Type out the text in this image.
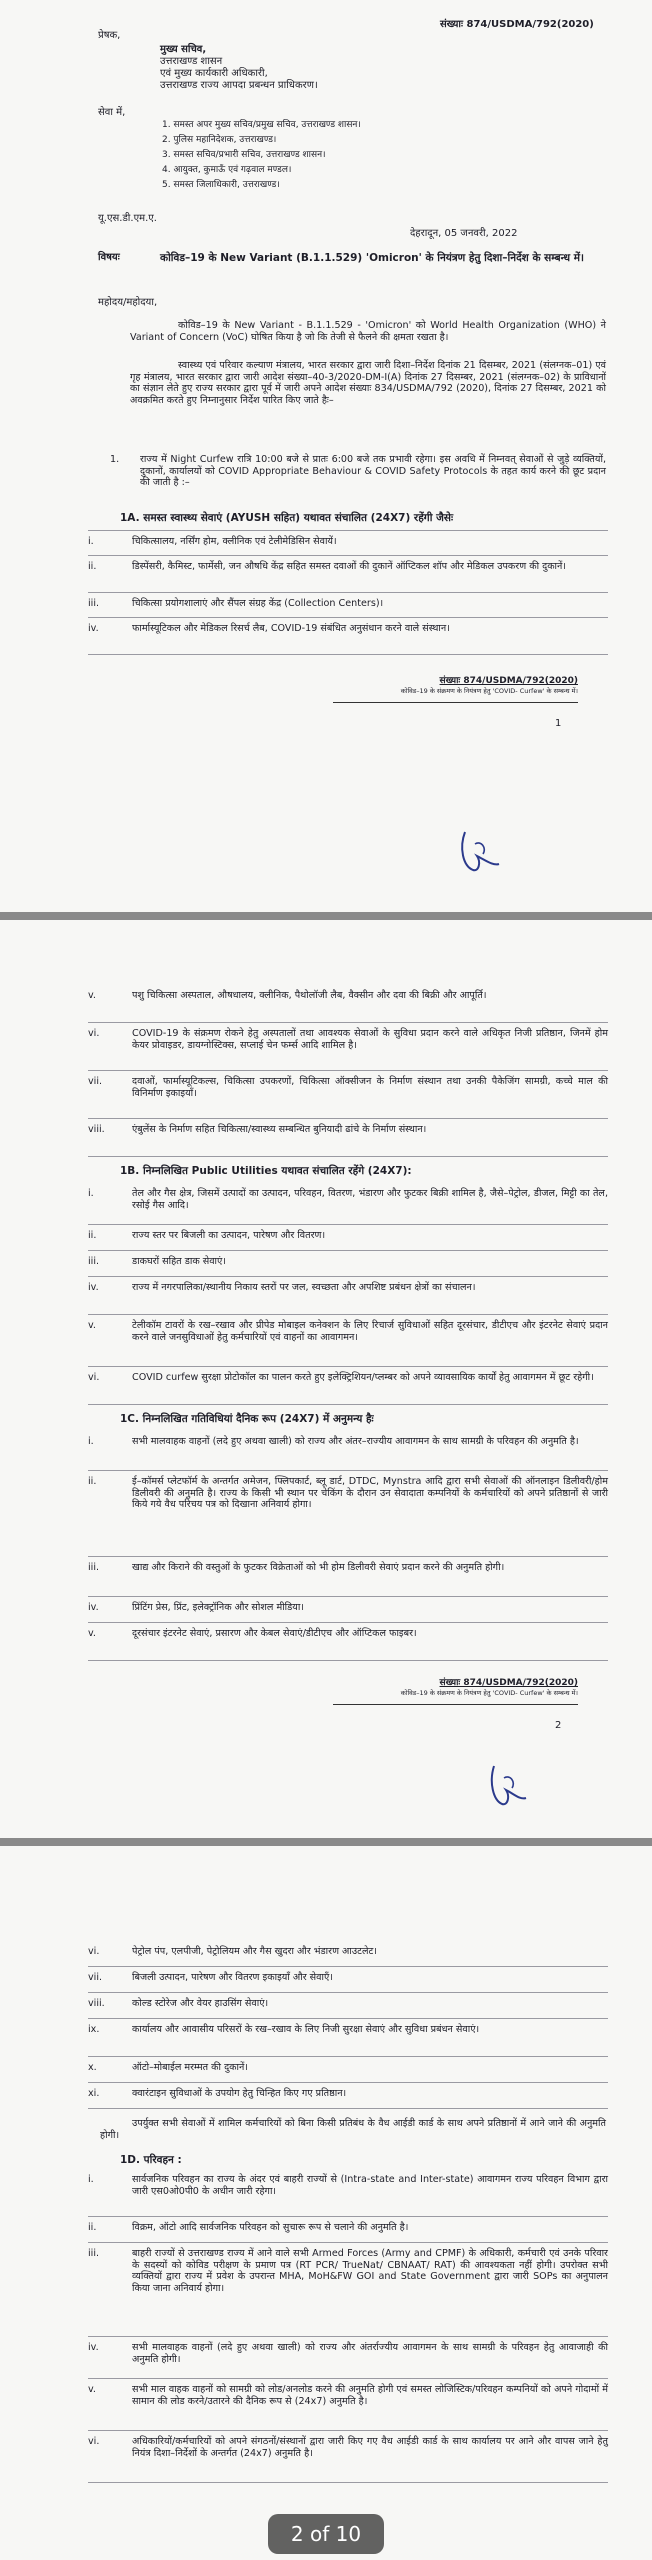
संख्याः 874/USDMA/792(2020)
प्रेषक,
मुख्य सचिव,
उत्तराखण्ड शासन
एवं मुख्य कार्यकारी अधिकारी,
उत्तराखण्ड राज्य आपदा प्रबन्धन प्राधिकरण।
सेवा में,
1. समस्त अपर मुख्य सचिव/प्रमुख सचिव, उत्तराखण्ड शासन।
2. पुलिस महानिदेशक, उत्तराखण्ड।
3. समस्त सचिव/प्रभारी सचिव, उत्तराखण्ड शासन।
4. आयुक्त, कुमाऊँ एवं गढ़वाल मण्डल।
5. समस्त जिलाधिकारी, उत्तराखण्ड।
यू.एस.डी.एम.ए.
देहरादून, 05 जनवरी, 2022
विषयः	कोविड–19 के New Variant (B.1.1.529) 'Omicron' के नियंत्रण हेतु दिशा–निर्देश के सम्बन्ध में।
महोदय/महोदया,
कोविड–19 के New Variant - B.1.1.529 - 'Omicron' को World Health Organization (WHO) ने Variant of Concern (VoC) घोषित किया है जो कि तेजी से फैलने की क्षमता रखता है।
स्वास्थ्य एवं परिवार कल्याण मंत्रालय, भारत सरकार द्वारा जारी दिशा–निर्देश दिनांक 21 दिसम्बर, 2021 (संलग्नक–01) एवं गृह मंत्रालय, भारत सरकार द्वारा जारी आदेश संख्या–40-3/2020-DM-I(A) दिनांक 27 दिसम्बर, 2021 (संलग्नक–02) के प्राविधानों का संज्ञान लेते हुए राज्य सरकार द्वारा पूर्व में जारी अपने आदेश संख्याः 834/USDMA/792 (2020), दिनांक 27 दिसम्बर, 2021 को अवक्रमित करते हुए निम्नानुसार निर्देश पारित किए जाते हैः–
1.	राज्य में Night Curfew रात्रि 10:00 बजे से प्रातः 6:00 बजे तक प्रभावी रहेगा। इस अवधि में निम्नवत् सेवाओं से जुड़े व्यक्तियों, दुकानों, कार्यालयों को COVID Appropriate Behaviour & COVID Safety Protocols के तहत कार्य करने की छूट प्रदान की जाती है :–
1A. समस्त स्वास्थ्य सेवाएं (AYUSH सहित) यथावत संचालित (24X7) रहेंगी जैसेः
i.	चिकित्सालय, नर्सिंग होम, क्लीनिक एवं टेलीमेडिसिन सेवायें।
ii.	डिस्पेंसरी, कैमिस्ट, फार्मेसी, जन औषधि केंद्र सहित समस्त दवाओं की दुकानें ऑप्टिकल शॉप और मेडिकल उपकरण की दुकानें।
iii.	चिकित्सा प्रयोगशालाएं और सैंपल संग्रह केंद्र (Collection Centers)।
iv.	फार्मास्यूटिकल और मेडिकल रिसर्च लैब, COVID-19 संबंधित अनुसंधान करने वाले संस्थान।
संख्याः 874/USDMA/792(2020)
कोविड–19 के संक्रमण के नियंत्रण हेतु 'COVID- Curfew' के सम्बन्ध में।
1
v.	पशु चिकित्सा अस्पताल, औषधालय, क्लीनिक, पैथोलॉजी लैब, वैक्सीन और दवा की बिक्री और आपूर्ति।
vi.	COVID-19 के संक्रमण रोकने हेतु अस्पतालों तथा आवश्यक सेवाओं के सुविधा प्रदान करने वाले अधिकृत निजी प्रतिष्ठान, जिनमें होम केयर प्रोवाइडर, डायग्नोस्टिक्स, सप्लाई चेन फर्म्स आदि शामिल है।
vii.	दवाओं, फार्मास्यूटिकल्स, चिकित्सा उपकरणों, चिकित्सा ऑक्सीजन के निर्माण संस्थान तथा उनकी पैकेजिंग सामग्री, कच्चे माल की विनिर्माण इकाइयाँ।
viii.	एंबुलेंस के निर्माण सहित चिकित्सा/स्वास्थ्य सम्बन्धित बुनियादी ढांचे के निर्माण संस्थान।
1B. निम्नलिखित Public Utilities यथावत संचालित रहेंगे (24X7):
i.	तेल और गैस क्षेत्र, जिसमें उत्पादों का उत्पादन, परिवहन, वितरण, भंडारण और फुटकर बिक्री शामिल है, जैसे–पेट्रोल, डीजल, मिट्टी का तेल, रसोई गैस आदि।
ii.	राज्य स्तर पर बिजली का उत्पादन, पारेषण और वितरण।
iii.	डाकघरों सहित डाक सेवाएं।
iv.	राज्य में नगरपालिका/स्थानीय निकाय स्तरों पर जल, स्वच्छता और अपशिष्ट प्रबंधन क्षेत्रों का संचालन।
v.	टेलीकॉम टावरों के रख–रखाव और प्रीपेड मोबाइल कनेक्शन के लिए रिचार्ज सुविधाओं सहित दूरसंचार, डीटीएच और इंटरनेट सेवाएं प्रदान करने वाले जनसुविधाओं हेतु कर्मचारियों एवं वाहनों का आवागमन।
vi.	COVID curfew सुरक्षा प्रोटोकॉल का पालन करते हुए इलेक्ट्रिशियन/प्लम्बर को अपने व्यावसायिक कार्यों हेतु आवागमन में छूट रहेगी।
1C. निम्नलिखित गतिविधियां दैनिक रूप (24X7) में अनुमन्य हैः
i.	सभी मालवाहक वाहनों (लदे हुए अथवा खाली) को राज्य और अंतर–राज्यीय आवागमन के साथ सामग्री के परिवहन की अनुमति है।
ii.	ई–कॉमर्स प्लेटफॉर्म के अन्तर्गत अमेजन, फ्लिपकार्ट, ब्लू डार्ट, DTDC, Mynstra आदि द्वारा सभी सेवाओं की ऑनलाइन डिलीवरी/होम डिलीवरी की अनुमति है। राज्य के किसी भी स्थान पर चेकिंग के दौरान उन सेवादाता कम्पनियों के कर्मचारियों को अपने प्रतिष्ठानों से जारी किये गये वैध परिचय पत्र को दिखाना अनिवार्य होगा।
iii.	खाद्य और किराने की वस्तुओं के फुटकर विक्रेताओं को भी होम डिलीवरी सेवाएं प्रदान करने की अनुमति होगी।
iv.	प्रिंटिंग प्रेस, प्रिंट, इलेक्ट्रॉनिक और सोशल मीडिया।
v.	दूरसंचार इंटरनेट सेवाएं, प्रसारण और केबल सेवाएं/डीटीएच और ऑप्टिकल फाइबर।
संख्याः 874/USDMA/792(2020)
कोविड–19 के संक्रमण के नियंत्रण हेतु 'COVID- Curfew' के सम्बन्ध में।
2
vi.	पेट्रोल पंप, एलपीजी, पेट्रोलियम और गैस खुदरा और भंडारण आउटलेट।
vii.	बिजली उत्पादन, पारेषण और वितरण इकाइयाँ और सेवाएँ।
viii.	कोल्ड स्टोरेज और वेयर हाउसिंग सेवाएं।
ix.	कार्यालय और आवासीय परिसरों के रख–रखाव के लिए निजी सुरक्षा सेवाएं और सुविधा प्रबंधन सेवाएं।
x.	ऑटो–मोबाईल मरम्मत की दुकानें।
xi.	क्वारंटाइन सुविधाओं के उपयोग हेतु चिन्हित किए गए प्रतिष्ठान।
उपर्युक्त सभी सेवाओं में शामिल कर्मचारियों को बिना किसी प्रतिबंध के वैध आईडी कार्ड के साथ अपने प्रतिष्ठानों में आने जाने की अनुमति होगी।
1D. परिवहन :
i.	सार्वजनिक परिवहन का राज्य के अंदर एवं बाहरी राज्यों से (Intra-state and Inter-state) आवागमन राज्य परिवहन विभाग द्वारा जारी एस0ओ0पी0 के अधीन जारी रहेगा।
ii.	विक्रम, ऑटो आदि सार्वजनिक परिवहन को सुचारू रूप से चलाने की अनुमति है।
iii.	बाहरी राज्यों से उत्तराखण्ड राज्य में आने वाले सभी Armed Forces (Army and CPMF) के अधिकारी, कर्मचारी एवं उनके परिवार के सदस्यों को कोविड परीक्षण के प्रमाण पत्र (RT PCR/ TrueNat/ CBNAAT/ RAT) की आवश्यकता नहीं होगी। उपरोक्त सभी व्यक्तियों द्वारा राज्य में प्रवेश के उपरान्त MHA, MoH&FW GOI and State Government द्वारा जारी SOPs का अनुपालन किया जाना अनिवार्य होगा।
iv.	सभी मालवाहक वाहनों (लदे हुए अथवा खाली) को राज्य और अंतर्राज्यीय आवागमन के साथ सामग्री के परिवहन हेतु आवाजाही की अनुमति होगी।
v.	सभी माल वाहक वाहनों को सामग्री को लोड/अनलोड करने की अनुमति होगी एवं समस्त लोजिस्टिक/परिवहन कम्पनियों को अपने गोदामों में सामान की लोड करने/उतारने की दैनिक रूप से (24x7) अनुमति है।
vi.	अधिकारियों/कर्मचारियों को अपने संगठनों/संस्थानों द्वारा जारी किए गए वैध आईडी कार्ड के साथ कार्यालय पर आने और वापस जाने हेतु नियंत्र दिशा–निर्देशों के अन्तर्गत (24x7) अनुमति है।
2 of 10
